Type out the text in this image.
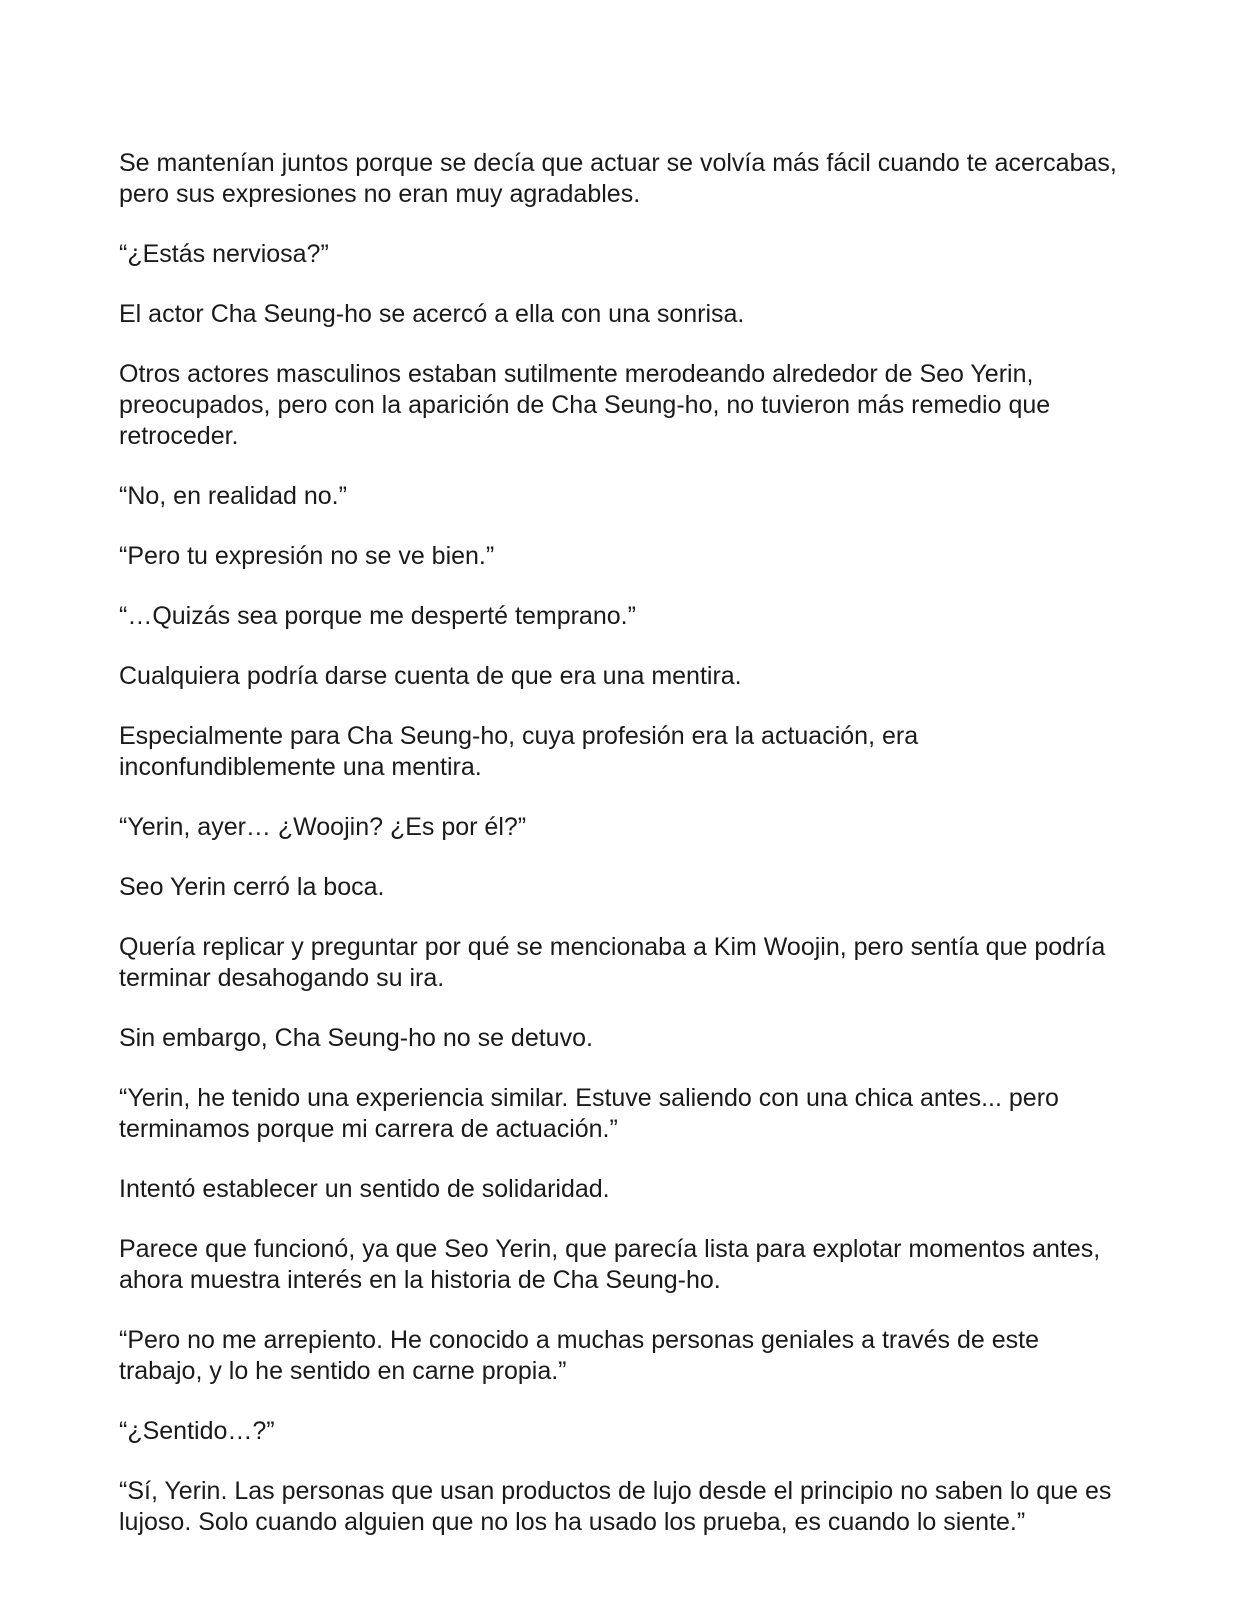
Se mantenían juntos porque se decía que actuar se volvía más fácil cuando te acercabas, pero sus expresiones no eran muy agradables.

“¿Estás nerviosa?”

El actor Cha Seung-ho se acercó a ella con una sonrisa.

Otros actores masculinos estaban sutilmente merodeando alrededor de Seo Yerin, preocupados, pero con la aparición de Cha Seung-ho, no tuvieron más remedio que retroceder.

“No, en realidad no.”

“Pero tu expresión no se ve bien.”

“…Quizás sea porque me desperté temprano.”

Cualquiera podría darse cuenta de que era una mentira.

Especialmente para Cha Seung-ho, cuya profesión era la actuación, era inconfundiblemente una mentira.

“Yerin, ayer… ¿Woojin? ¿Es por él?”

Seo Yerin cerró la boca.

Quería replicar y preguntar por qué se mencionaba a Kim Woojin, pero sentía que podría terminar desahogando su ira.

Sin embargo, Cha Seung-ho no se detuvo.

“Yerin, he tenido una experiencia similar. Estuve saliendo con una chica antes... pero terminamos porque mi carrera de actuación.”

Intentó establecer un sentido de solidaridad.

Parece que funcionó, ya que Seo Yerin, que parecía lista para explotar momentos antes, ahora muestra interés en la historia de Cha Seung-ho.

“Pero no me arrepiento. He conocido a muchas personas geniales a través de este trabajo, y lo he sentido en carne propia.”

“¿Sentido…?”

“Sí, Yerin. Las personas que usan productos de lujo desde el principio no saben lo que es lujoso. Solo cuando alguien que no los ha usado los prueba, es cuando lo siente.”
